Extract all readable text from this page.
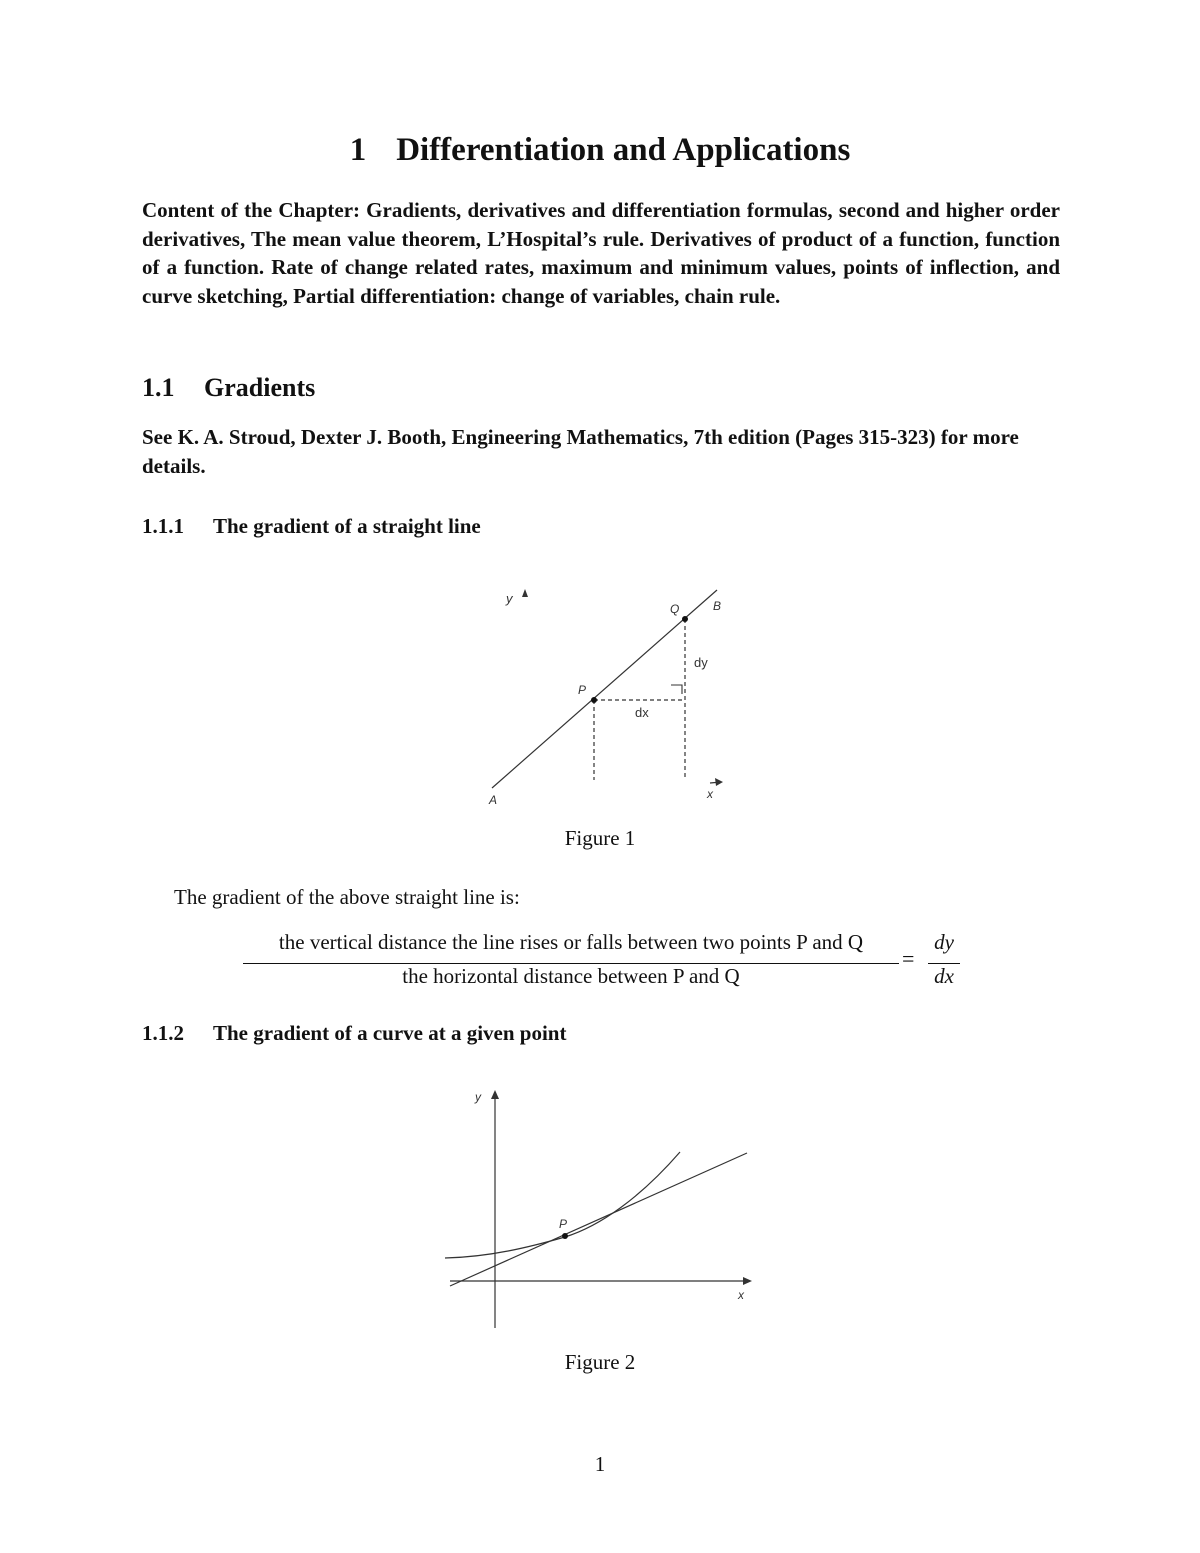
1 Differentiation and Applications
Content of the Chapter: Gradients, derivatives and differentiation formulas, second and higher order derivatives, The mean value theorem, L’Hospital’s rule. Derivatives of product of a function, function of a function. Rate of change related rates, maximum and minimum values, points of inflection, and curve sketching, Partial differentiation: change of variables, chain rule.
1.1 Gradients
See K. A. Stroud, Dexter J. Booth, Engineering Mathematics, 7th edition (Pages 315-323) for more details.
1.1.1 The gradient of a straight line
y
P
Q	B
A	x
dx
dy
Figure 1
The gradient of the above straight line is:
the vertical distance the line rises or falls between two points P and Q
the horizontal distance between P and Q
=
dy
dx
1.1.2 The gradient of a curve at a given point
y
x
P
Figure 2
1
